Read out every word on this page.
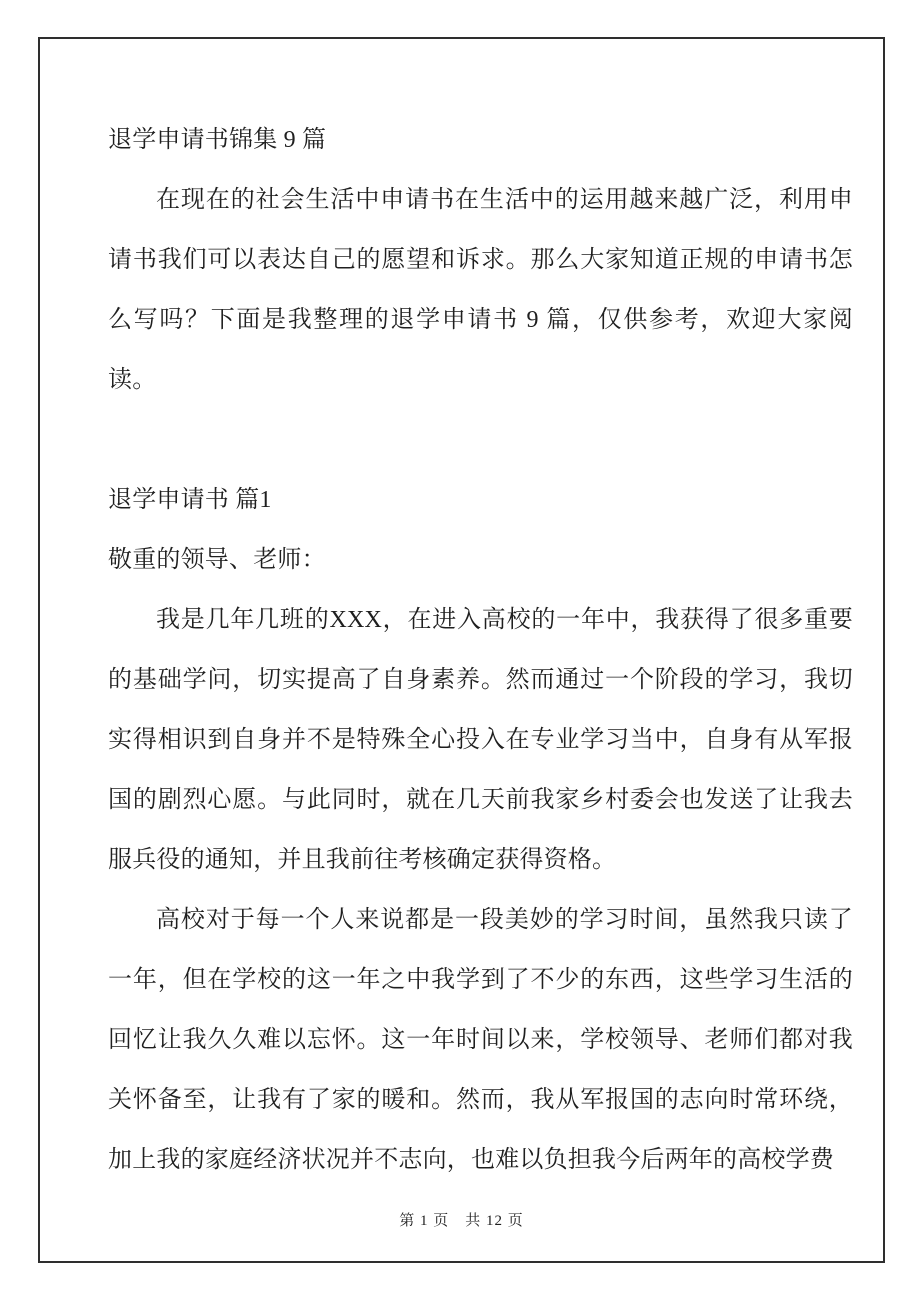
退学申请书锦集 9 篇

在现在的社会生活中申请书在生活中的运用越来越广泛，利用申请书我们可以表达自己的愿望和诉求。那么大家知道正规的申请书怎么写吗？下面是我整理的退学申请书 9 篇，仅供参考，欢迎大家阅读。

退学申请书 篇1

敬重的领导、老师：

我是几年几班的XXX，在进入高校的一年中，我获得了很多重要的基础学问，切实提高了自身素养。然而通过一个阶段的学习，我切实得相识到自身并不是特殊全心投入在专业学习当中，自身有从军报国的剧烈心愿。与此同时，就在几天前我家乡村委会也发送了让我去服兵役的通知，并且我前往考核确定获得资格。

高校对于每一个人来说都是一段美妙的学习时间，虽然我只读了一年，但在学校的这一年之中我学到了不少的东西，这些学习生活的回忆让我久久难以忘怀。这一年时间以来，学校领导、老师们都对我关怀备至，让我有了家的暖和。然而，我从军报国的志向时常环绕，加上我的家庭经济状况并不志向，也难以负担我今后两年的高校学费

第 1 页　共 12 页
